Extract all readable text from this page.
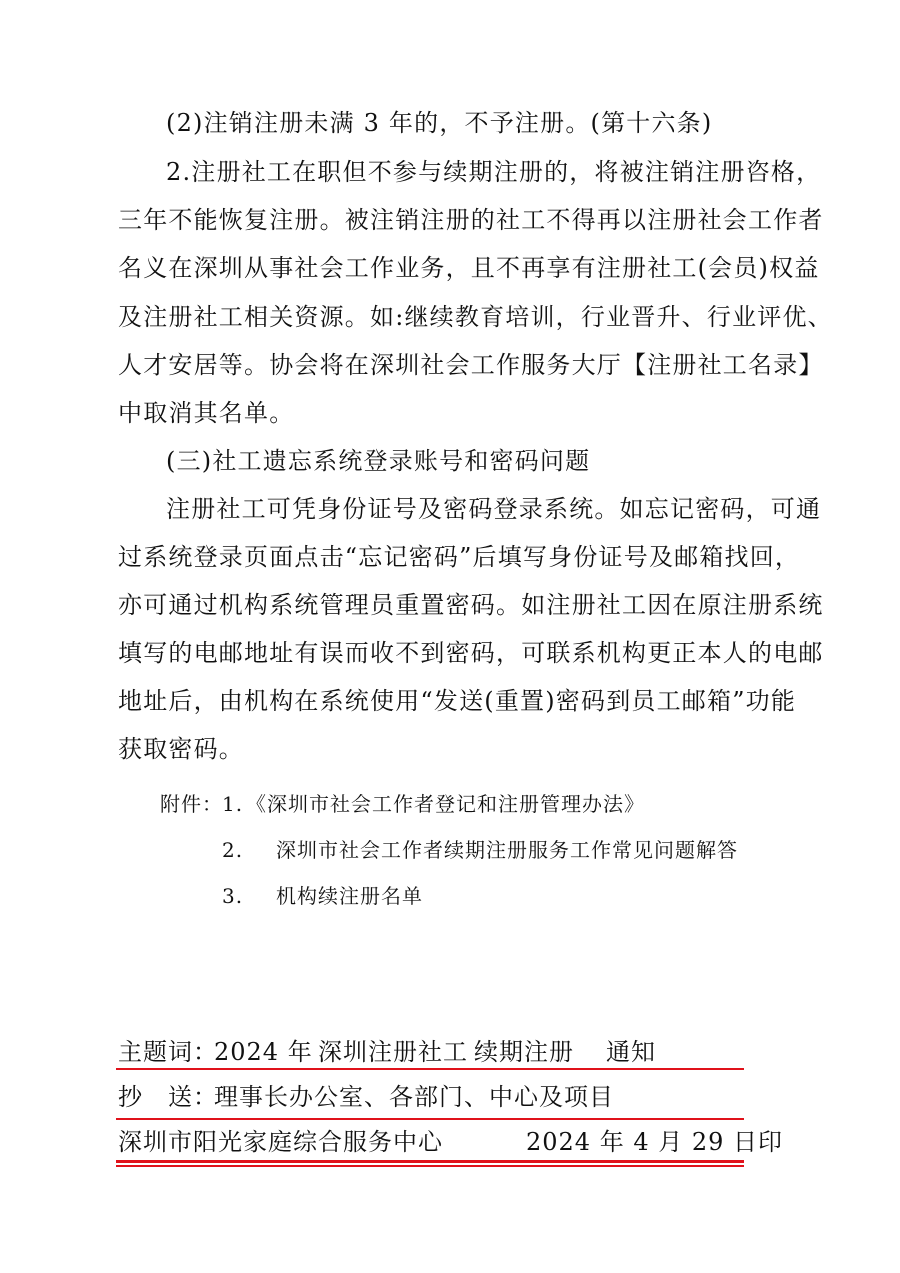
(2)注销注册未满 3 年的，不予注册。(第十六条)
2.注册社工在职但不参与续期注册的，将被注销注册咨格，
三年不能恢复注册。被注销注册的社工不得再以注册社会工作者
名义在深圳从事社会工作业务，且不再享有注册社工(会员)权益
及注册社工相关资源。如:继续教育培训，行业晋升、行业评优、
人才安居等。协会将在深圳社会工作服务大厅【注册社工名录】
中取消其名单。
(三)社工遗忘系统登录账号和密码问题
注册社工可凭身份证号及密码登录系统。如忘记密码，可通
过系统登录页面点击“忘记密码”后填写身份证号及邮箱找回，
亦可通过机构系统管理员重置密码。如注册社工因在原注册系统
填写的电邮地址有误而收不到密码，可联系机构更正本人的电邮
地址后，由机构在系统使用“发送(重置)密码到员工邮箱”功能
获取密码。
附件： 1. 《深圳市社会工作者登记和注册管理办法》
2. 深圳市社会工作者续期注册服务工作常见问题解答
3. 机构续注册名单
主题词：
2024 年 深圳注册社工 续期注册 通知
抄　送：
理事长办公室、各部门、中心及项目
深圳市阳光家庭综合服务中心	2024 年 4 月 29 日印
